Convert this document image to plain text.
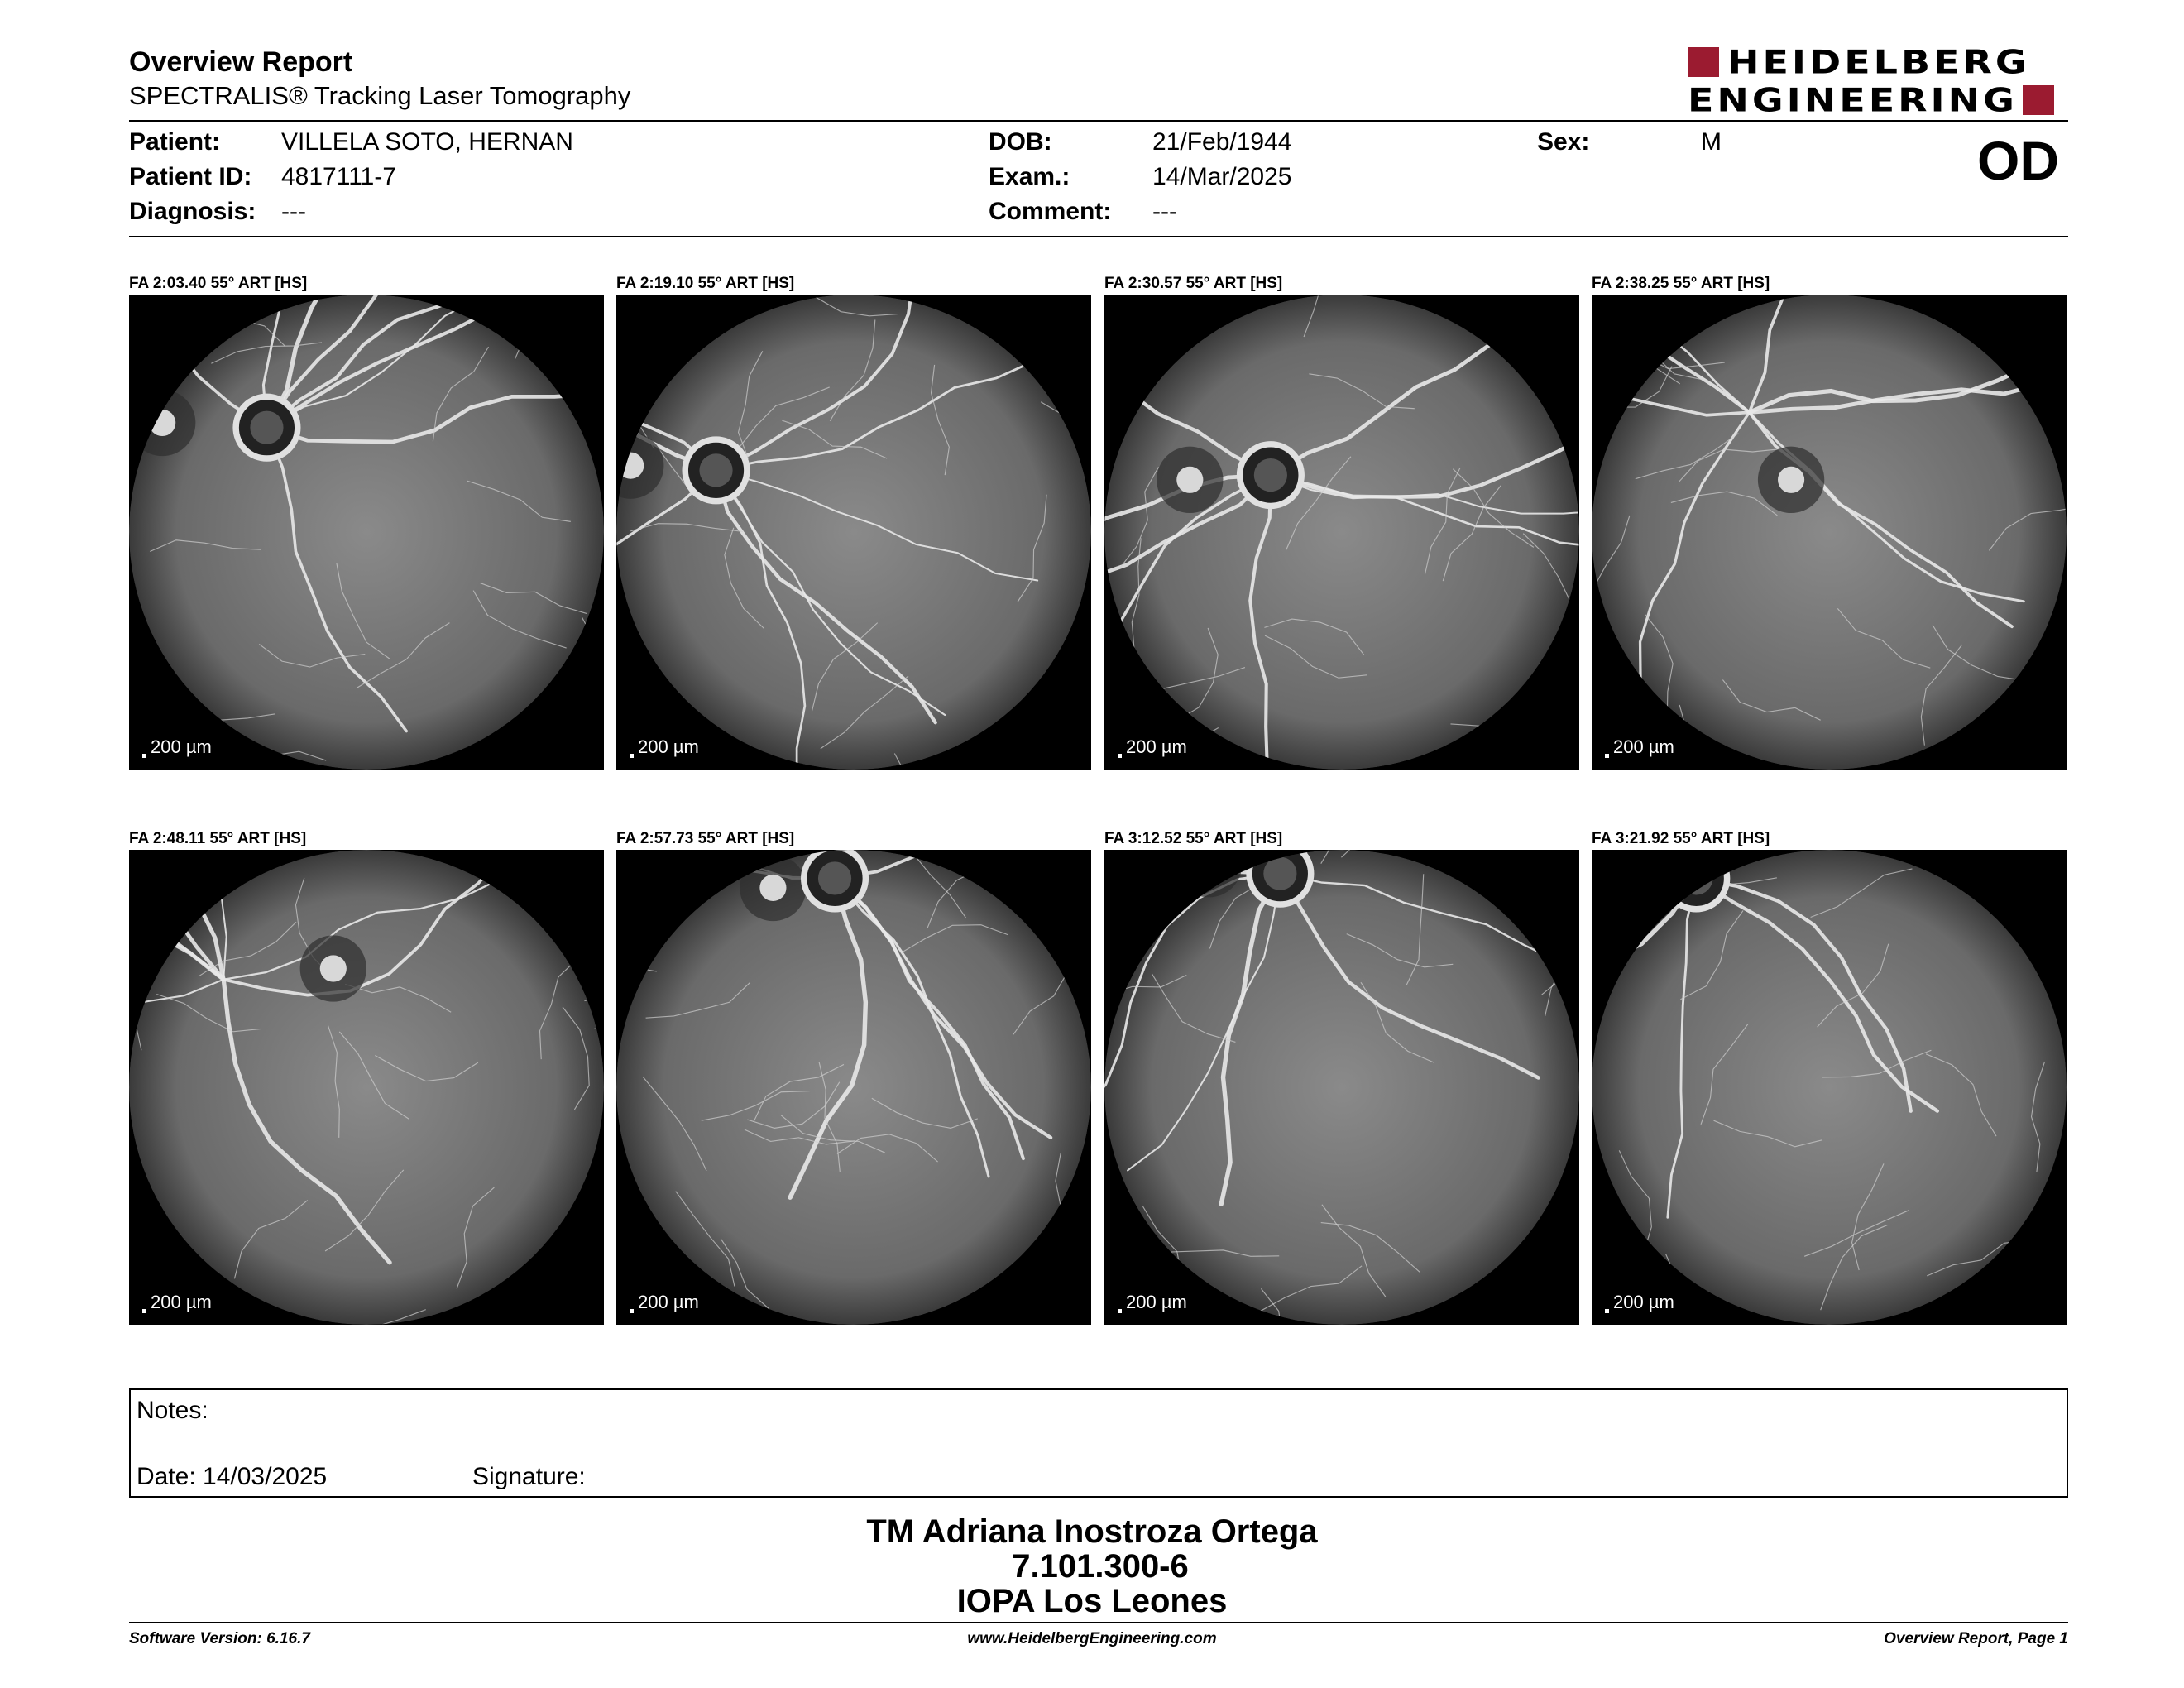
Overview Report
SPECTRALIS® Tracking Laser Tomography
HEIDELBERG
ENGINEERING
Patient: VILLELA SOTO, HERNAN
Patient ID: 4817111-7
Diagnosis: ---
DOB:	21/Feb/1944
Exam.:	14/Mar/2025
Comment: ---
Sex:	M	OD
FA 2:03.40 55° ART [HS]	FA 2:19.10 55° ART [HS]	FA 2:30.57 55° ART [HS]	FA 2:38.25 55° ART [HS]
FA 2:48.11 55° ART [HS]	FA 2:57.73 55° ART [HS]	FA 3:12.52 55° ART [HS]	FA 3:21.92 55° ART [HS]
200 µm	200 µm	200 µm	200 µm
200 µm	200 µm	200 µm	200 µm
Notes:
Date: 14/03/2025	Signature:
TM Adriana Inostroza Ortega
7.101.300-6
IOPA Los Leones
Software Version: 6.16.7	www.HeidelbergEngineering.com	Overview Report, Page 1
